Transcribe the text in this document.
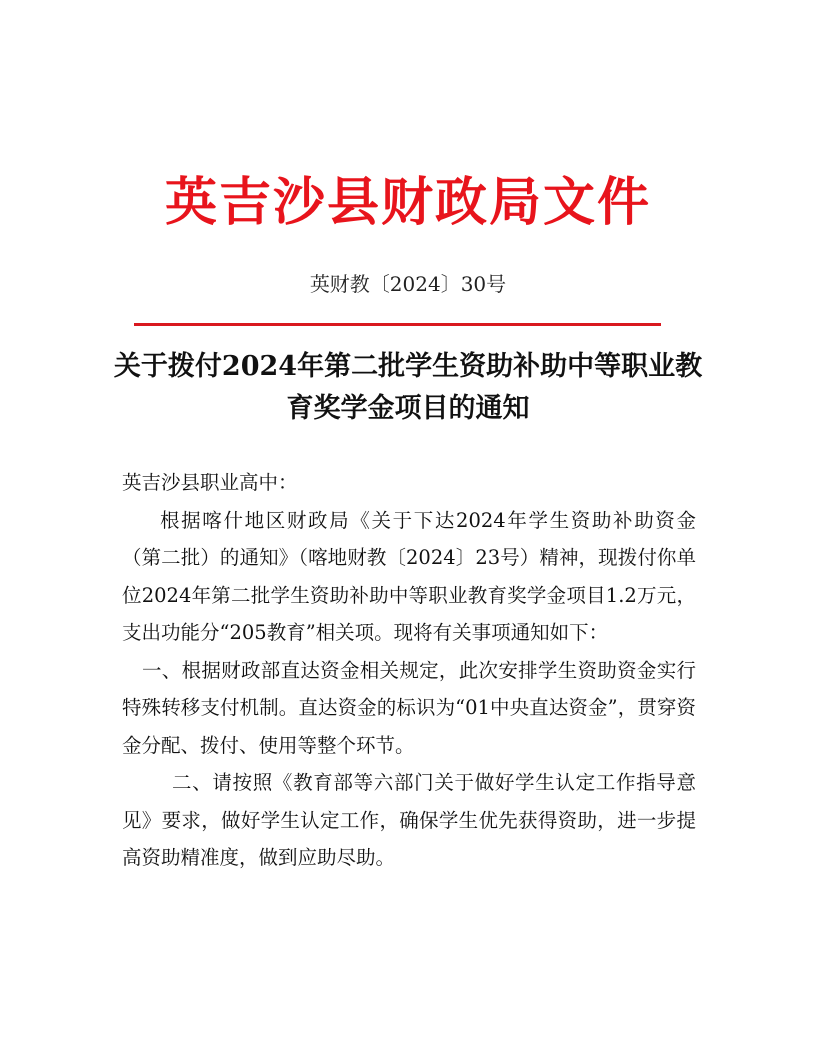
英吉沙县财政局文件
英财教〔2024〕30号
关于拨付2024年第二批学生资助补助中等职业教育奖学金项目的通知

英吉沙县职业高中：

根据喀什地区财政局《关于下达2024年学生资助补助资金（第二批）的通知》（喀地财教〔2024〕23号）精神，现拨付你单位2024年第二批学生资助补助中等职业教育奖学金项目1.2万元，支出功能分“205教育”相关项。现将有关事项通知如下：

一、根据财政部直达资金相关规定，此次安排学生资助资金实行特殊转移支付机制。直达资金的标识为“01中央直达资金”，贯穿资金分配、拨付、使用等整个环节。

二、请按照《教育部等六部门关于做好学生认定工作指导意见》要求，做好学生认定工作，确保学生优先获得资助，进一步提高资助精准度，做到应助尽助。
